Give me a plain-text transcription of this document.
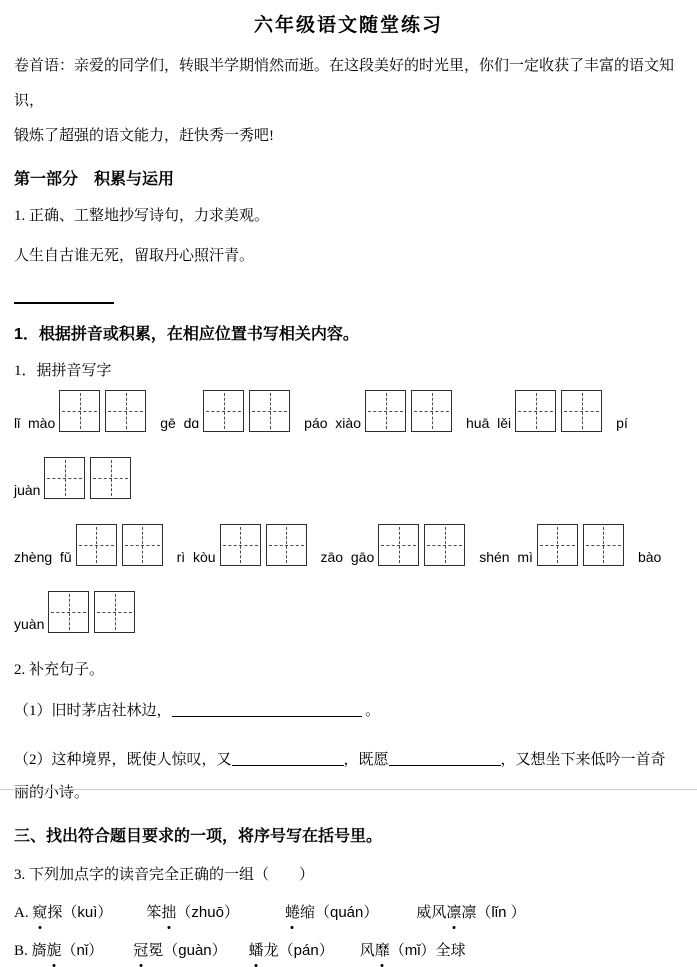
六年级语文随堂练习
卷首语：亲爱的同学们，转眼半学期悄然而逝。在这段美好的时光里，你们一定收获了丰富的语文知识，
锻炼了超强的语文能力，赶快秀一秀吧!
第一部分　积累与运用
1. 正确、工整地抄写诗句，力求美观。
人生自古谁无死，留取丹心照汗青。
1．根据拼音或积累，在相应位置书写相关内容。
1．据拼音写字
lǐ  mào	gē  dɑ	páo  xiào	huā  lěi	pí
juàn
zhèng  fǔ	rì  kòu	zāo  gāo	shén  mì	bào
yuàn
2. 补充句子。
（1）旧时茅店社林边，	。
（2）这种境界，既使人惊叹，又	，既愿	，又想坐下来低吟一首奇
丽的小诗。
三、找出符合题目要求的一项，将序号写在括号里。
3. 下列加点字的读音完全正确的一组（　　）
A. 窥探（kuì） 笨拙（zhuō）	蜷缩（quán）	威风凛凛（lǐn ）
B. 旖旎（nǐ） 冠冕（guàn） 蟠龙（pán） 风靡（mǐ）全球
